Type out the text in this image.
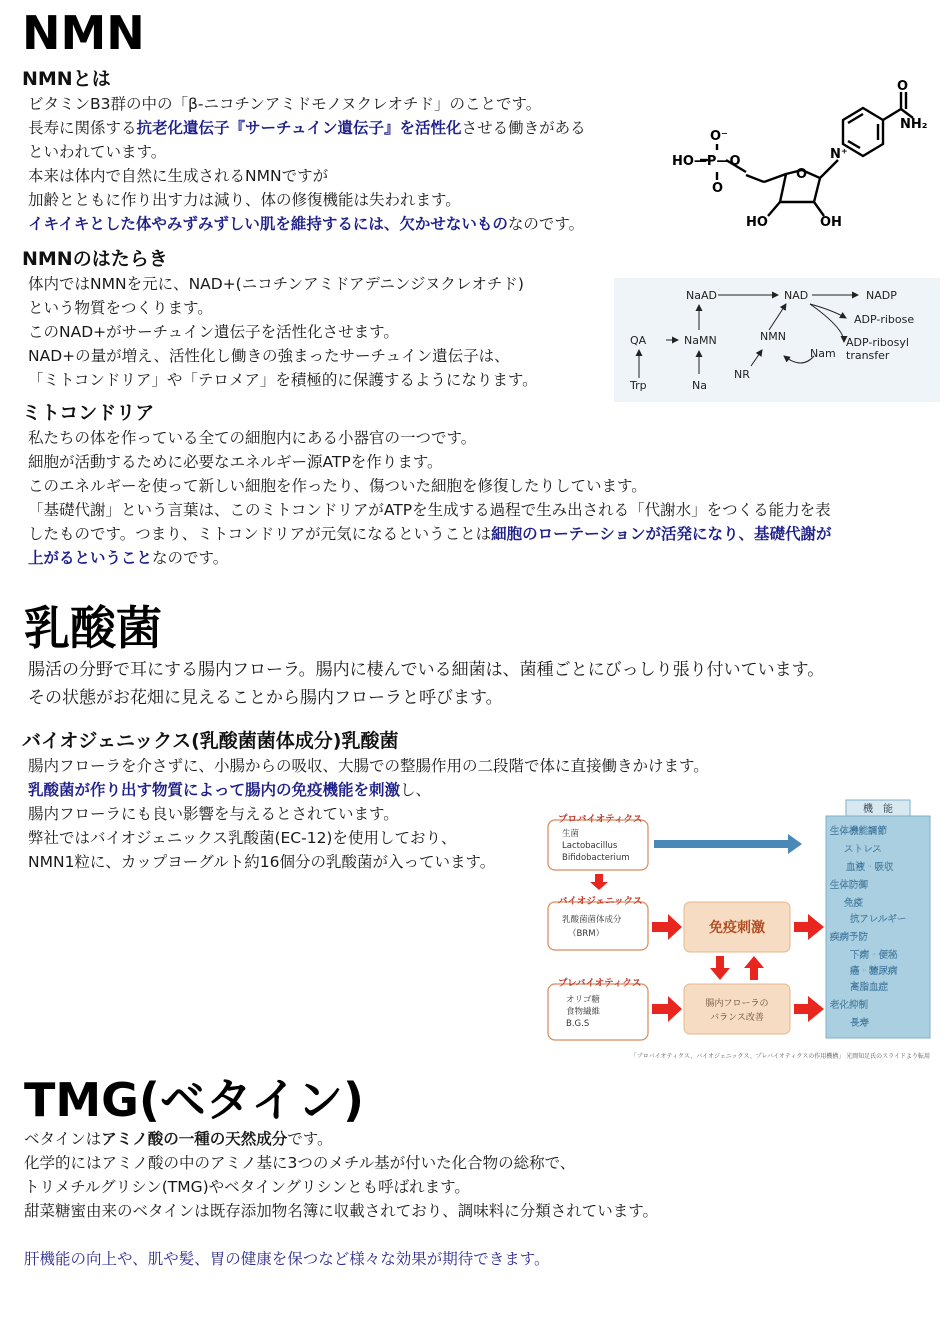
NMN
NMNとは
ビタミンB3群の中の「β-ニコチンアミドモノヌクレオチド」のことです。
長寿に関係する抗老化遺伝子『サーチュイン遺伝子』を活性化させる働きがある
といわれています。
本来は体内で自然に生成されるNMNですが
加齢とともに作り出す力は減り、体の修復機能は失われます。
イキイキとした体やみずみずしい肌を維持するには、欠かせないものなのです。
O⁻
HO—P—O
O
O
HO	OH
N⁺
O
NH₂
NMNのはたらき
体内ではNMNを元に、NAD+(ニコチンアミドアデニンジヌクレオチド)
という物質をつくります。
このNAD+がサーチュイン遺伝子を活性化させます。
NAD+の量が増え、活性化し働きの強まったサーチュイン遺伝子は、
「ミトコンドリア」や「テロメア」を積極的に保護するようになります。
NaAD	NAD	NADP
ADP-ribose
ADP-ribosyl
transfer
QA	NaMN	NMN
Nam
NR
Trp	Na
ミトコンドリア
私たちの体を作っている全ての細胞内にある小器官の一つです。
細胞が活動するために必要なエネルギー源ATPを作ります。
このエネルギーを使って新しい細胞を作ったり、傷ついた細胞を修復したりしています。
「基礎代謝」という言葉は、このミトコンドリアがATPを生成する過程で生み出される「代謝水」をつくる能力を表
したものです。つまり、ミトコンドリアが元気になるということは細胞のローテーションが活発になり、基礎代謝が
上がるということなのです。
乳酸菌
腸活の分野で耳にする腸内フローラ。腸内に棲んでいる細菌は、菌種ごとにびっしり張り付いています。
その状態がお花畑に見えることから腸内フローラと呼びます。
バイオジェニックス(乳酸菌菌体成分)乳酸菌
腸内フローラを介さずに、小腸からの吸収、大腸での整腸作用の二段階で体に直接働きかけます。
乳酸菌が作り出す物質によって腸内の免疫機能を刺激し、
腸内フローラにも良い影響を与えるとされています。
弊社ではバイオジェニックス乳酸菌(EC-12)を使用しており、
NMN1粒に、カップヨーグルト約16個分の乳酸菌が入っています。
プロバイオティクス
バイオジェニックス
プレバイオティクス
生菌
Lactobacillus
Bifidobacterium
乳酸菌菌体成分
（BRM）
オリゴ糖
食物繊維
B.G.S
免疫刺激
腸内フローラの
バランス改善
機　能
生体機能調節
ストレス
血液・吸収
生体防御
免疫
抗アレルギー
疾病予防
下痢・便秘
癌・糖尿病
高脂血症
老化抑制
長寿
「プロバイオティクス、バイオジェニックス、プレバイオティクスの作用機構」 光岡知足氏のスライドより転用
TMG(ベタイン)
ベタインはアミノ酸の一種の天然成分です。
化学的にはアミノ酸の中のアミノ基に3つのメチル基が付いた化合物の総称で、
トリメチルグリシン(TMG)やベタイングリシンとも呼ばれます。
甜菜糖蜜由来のベタインは既存添加物名簿に収載されており、調味料に分類されています。
肝機能の向上や、肌や髪、胃の健康を保つなど様々な効果が期待できます。
